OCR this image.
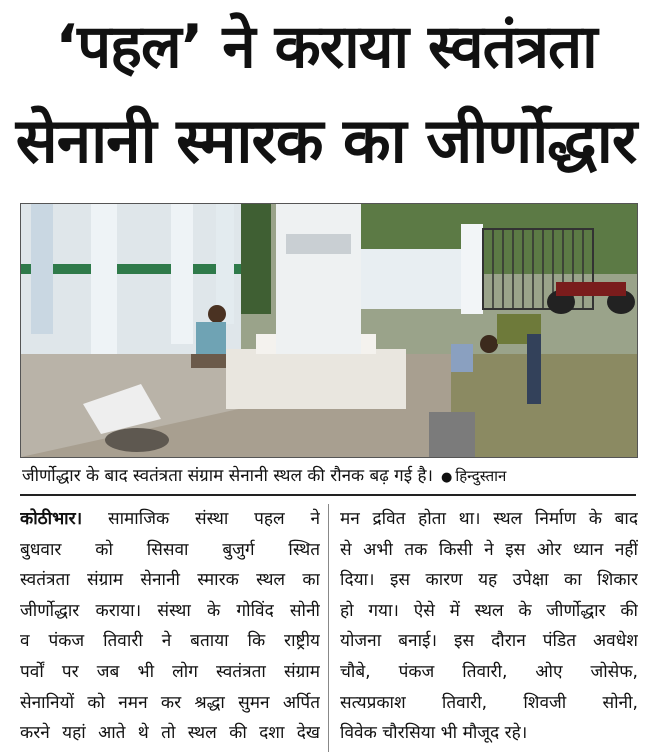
‘पहल’ ने कराया स्वतंत्रता
सेनानी स्मारक का जीर्णोद्धार
जीर्णोद्धार के बाद स्वतंत्रता संग्राम सेनानी स्थल की रौनक बढ़ गई है। ● हिन्दुस्तान
कोठीभार। सामाजिक संस्था पहल ने
बुधवार को सिसवा बुजुर्ग स्थित
स्वतंत्रता संग्राम सेनानी स्मारक स्थल का
जीर्णोद्धार कराया। संस्था के गोविंद सोनी
व पंकज तिवारी ने बताया कि राष्ट्रीय
पर्वों पर जब भी लोग स्वतंत्रता संग्राम
सेनानियों को नमन कर श्रद्धा सुमन अर्पित
करने यहां आते थे तो स्थल की दशा देख
मन द्रवित होता था। स्थल निर्माण के बाद
से अभी तक किसी ने इस ओर ध्यान नहीं
दिया। इस कारण यह उपेक्षा का शिकार
हो गया। ऐसे में स्थल के जीर्णोद्धार की
योजना बनाई। इस दौरान पंडित अवधेश
चौबे, पंकज तिवारी, ओए जोसेफ,
सत्यप्रकाश तिवारी, शिवजी सोनी,
विवेक चौरसिया भी मौजूद रहे।
